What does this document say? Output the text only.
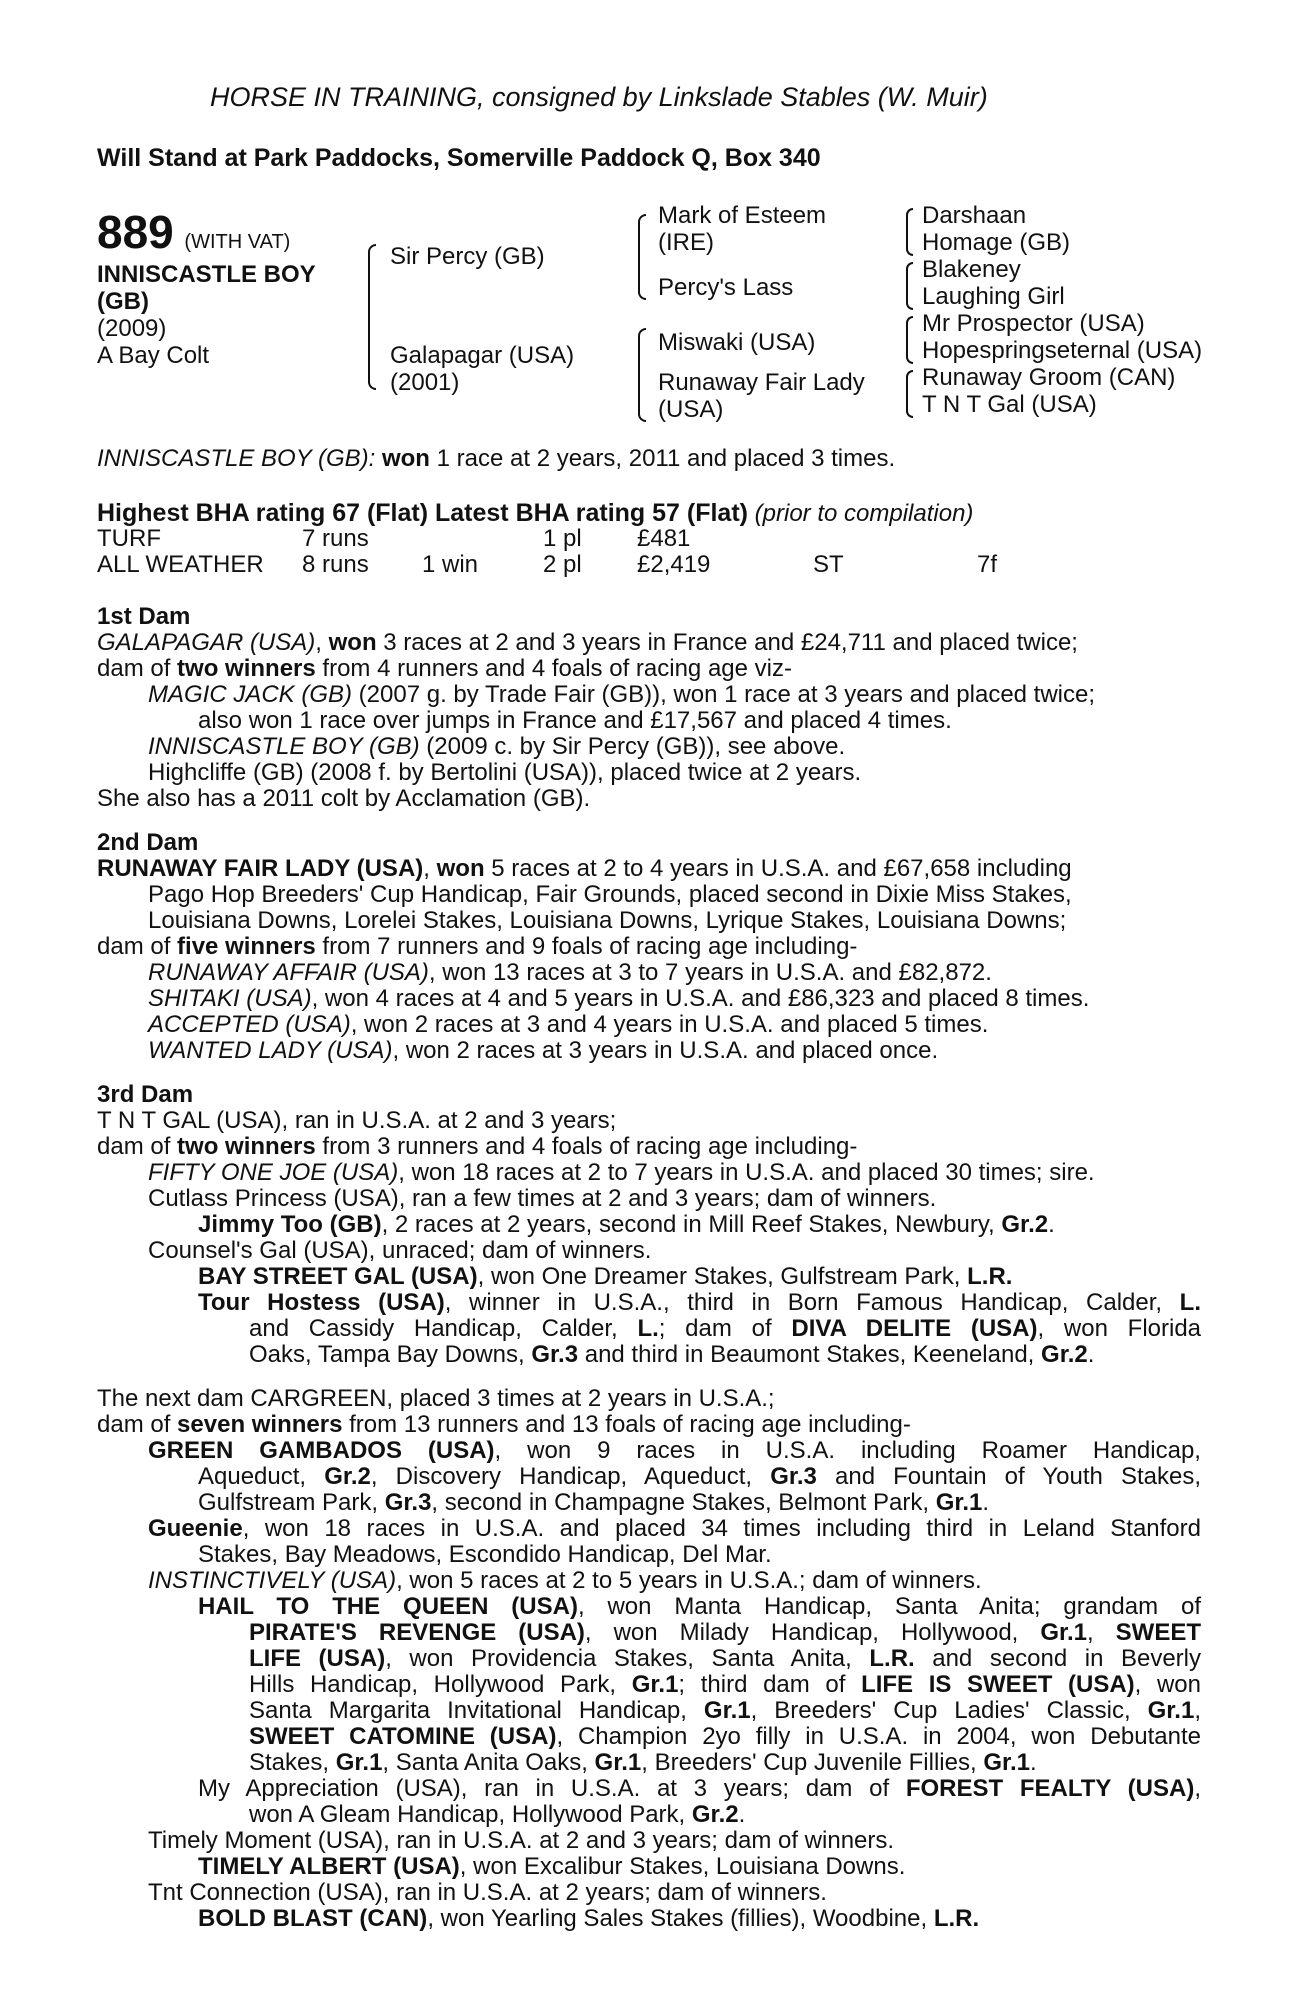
HORSE IN TRAINING, consigned by Linkslade Stables (W. Muir)
Will Stand at Park Paddocks, Somerville Paddock Q, Box 340
889 (WITH VAT)
INNISCASTLE BOY
(GB)
(2009)
A Bay Colt
Sir Percy (GB)
Galapagar (USA)
(2001)
Mark of Esteem
(IRE)
Percy's Lass
Miswaki (USA)
Runaway Fair Lady
(USA)
Darshaan
Homage (GB)
Blakeney
Laughing Girl
Mr Prospector (USA)
Hopespringseternal (USA)
Runaway Groom (CAN)
T N T Gal (USA)
INNISCASTLE BOY (GB): won 1 race at 2 years, 2011 and placed 3 times.
Highest BHA rating 67 (Flat) Latest BHA rating 57 (Flat) (prior to compilation)
TURF	7 runs	1 pl £481
ALL WEATHER 8 runs 1 win	2 pl £2,419	ST	7f
1st Dam
GALAPAGAR (USA), won 3 races at 2 and 3 years in France and £24,711 and placed twice;
dam of two winners from 4 runners and 4 foals of racing age viz-
MAGIC JACK (GB) (2007 g. by Trade Fair (GB)), won 1 race at 3 years and placed twice;
also won 1 race over jumps in France and £17,567 and placed 4 times.
INNISCASTLE BOY (GB) (2009 c. by Sir Percy (GB)), see above.
Highcliffe (GB) (2008 f. by Bertolini (USA)), placed twice at 2 years.
She also has a 2011 colt by Acclamation (GB).
2nd Dam
RUNAWAY FAIR LADY (USA), won 5 races at 2 to 4 years in U.S.A. and £67,658 including
Pago Hop Breeders' Cup Handicap, Fair Grounds, placed second in Dixie Miss Stakes,
Louisiana Downs, Lorelei Stakes, Louisiana Downs, Lyrique Stakes, Louisiana Downs;
dam of five winners from 7 runners and 9 foals of racing age including-
RUNAWAY AFFAIR (USA), won 13 races at 3 to 7 years in U.S.A. and £82,872.
SHITAKI (USA), won 4 races at 4 and 5 years in U.S.A. and £86,323 and placed 8 times.
ACCEPTED (USA), won 2 races at 3 and 4 years in U.S.A. and placed 5 times.
WANTED LADY (USA), won 2 races at 3 years in U.S.A. and placed once.
3rd Dam
T N T GAL (USA), ran in U.S.A. at 2 and 3 years;
dam of two winners from 3 runners and 4 foals of racing age including-
FIFTY ONE JOE (USA), won 18 races at 2 to 7 years in U.S.A. and placed 30 times; sire.
Cutlass Princess (USA), ran a few times at 2 and 3 years; dam of winners.
Jimmy Too (GB), 2 races at 2 years, second in Mill Reef Stakes, Newbury, Gr.2.
Counsel's Gal (USA), unraced; dam of winners.
BAY STREET GAL (USA), won One Dreamer Stakes, Gulfstream Park, L.R.
Tour Hostess (USA), winner in U.S.A., third in Born Famous Handicap, Calder, L.
and Cassidy Handicap, Calder, L.; dam of DIVA DELITE (USA), won Florida
Oaks, Tampa Bay Downs, Gr.3 and third in Beaumont Stakes, Keeneland, Gr.2.
The next dam CARGREEN, placed 3 times at 2 years in U.S.A.;
dam of seven winners from 13 runners and 13 foals of racing age including-
GREEN GAMBADOS (USA), won 9 races in U.S.A. including Roamer Handicap,
Aqueduct, Gr.2, Discovery Handicap, Aqueduct, Gr.3 and Fountain of Youth Stakes,
Gulfstream Park, Gr.3, second in Champagne Stakes, Belmont Park, Gr.1.
Gueenie, won 18 races in U.S.A. and placed 34 times including third in Leland Stanford
Stakes, Bay Meadows, Escondido Handicap, Del Mar.
INSTINCTIVELY (USA), won 5 races at 2 to 5 years in U.S.A.; dam of winners.
HAIL TO THE QUEEN (USA), won Manta Handicap, Santa Anita; grandam of
PIRATE'S REVENGE (USA), won Milady Handicap, Hollywood, Gr.1, SWEET
LIFE (USA), won Providencia Stakes, Santa Anita, L.R. and second in Beverly
Hills Handicap, Hollywood Park, Gr.1; third dam of LIFE IS SWEET (USA), won
Santa Margarita Invitational Handicap, Gr.1, Breeders' Cup Ladies' Classic, Gr.1,
SWEET CATOMINE (USA), Champion 2yo filly in U.S.A. in 2004, won Debutante
Stakes, Gr.1, Santa Anita Oaks, Gr.1, Breeders' Cup Juvenile Fillies, Gr.1.
My Appreciation (USA), ran in U.S.A. at 3 years; dam of FOREST FEALTY (USA),
won A Gleam Handicap, Hollywood Park, Gr.2.
Timely Moment (USA), ran in U.S.A. at 2 and 3 years; dam of winners.
TIMELY ALBERT (USA), won Excalibur Stakes, Louisiana Downs.
Tnt Connection (USA), ran in U.S.A. at 2 years; dam of winners.
BOLD BLAST (CAN), won Yearling Sales Stakes (fillies), Woodbine, L.R.
